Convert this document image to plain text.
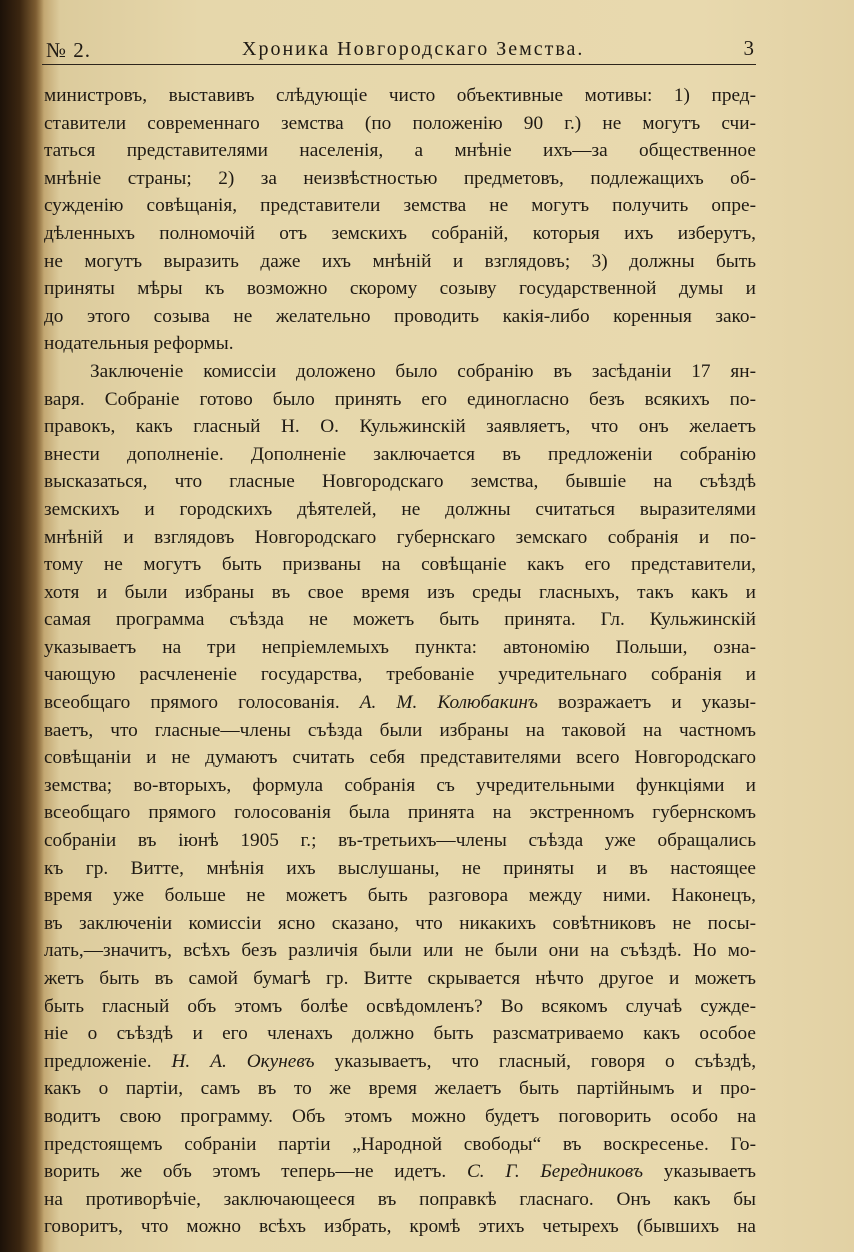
№ 2.	Хроника Новгородскаго Земства.	3
министровъ, выставивъ слѣдующіе чисто объективные мотивы: 1) пред-
ставители современнаго земства (по положенію 90 г.) не могутъ счи-
таться представителями населенія, а мнѣніе ихъ—за общественное
мнѣніе страны; 2) за неизвѣстностью предметовъ, подлежащихъ об-
сужденію совѣщанія, представители земства не могутъ получить опре-
дѣленныхъ полномочій отъ земскихъ собраній, которыя ихъ изберутъ,
не могутъ выразить даже ихъ мнѣній и взглядовъ; 3) должны быть
приняты мѣры къ возможно скорому созыву государственной думы и
до этого созыва не желательно проводить какія-либо коренныя зако-
нодательныя реформы.
Заключеніе комиссіи доложено было собранію въ засѣданіи 17 ян-
варя. Собраніе готово было принять его единогласно безъ всякихъ по-
правокъ, какъ гласный Н. О. Кульжинскій заявляетъ, что онъ желаетъ
внести дополненіе. Дополненіе заключается въ предложеніи собранію
высказаться, что гласные Новгородскаго земства, бывшіе на съѣздѣ
земскихъ и городскихъ дѣятелей, не должны считаться выразителями
мнѣній и взглядовъ Новгородскаго губернскаго земскаго собранія и по-
тому не могутъ быть призваны на совѣщаніе какъ его представители,
хотя и были избраны въ свое время изъ среды гласныхъ, такъ какъ и
самая программа съѣзда не можетъ быть принята. Гл. Кульжинскій
указываетъ на три непріемлемыхъ пункта: автономію Польши, озна-
чающую расчлененіе государства, требованіе учредительнаго собранія и
всеобщаго прямого голосованія. А. М. Колюбакинъ возражаетъ и указы-
ваетъ, что гласные—члены съѣзда были избраны на таковой на частномъ
совѣщаніи и не думаютъ считать себя представителями всего Новгородскаго
земства; во-вторыхъ, формула собранія съ учредительными функціями и
всеобщаго прямого голосованія была принята на экстренномъ губернскомъ
собраніи въ іюнѣ 1905 г.; въ-третьихъ—члены съѣзда уже обращались
къ гр. Витте, мнѣнія ихъ выслушаны, не приняты и въ настоящее
время уже больше не можетъ быть разговора между ними. Наконецъ,
въ заключеніи комиссіи ясно сказано, что никакихъ совѣтниковъ не посы-
лать,—значитъ, всѣхъ безъ различія были или не были они на съѣздѣ. Но мо-
жетъ быть въ самой бумагѣ гр. Витте скрывается нѣчто другое и можетъ
быть гласный объ этомъ болѣе освѣдомленъ? Во всякомъ случаѣ сужде-
ніе о съѣздѣ и его членахъ должно быть разсматриваемо какъ особое
предложеніе. Н. А. Окуневъ указываетъ, что гласный, говоря о съѣздѣ,
какъ о партіи, самъ въ то же время желаетъ быть партійнымъ и про-
водитъ свою программу. Объ этомъ можно будетъ поговорить особо на
предстоящемъ собраніи партіи „Народной свободы“ въ воскресенье. Го-
ворить же объ этомъ теперь—не идетъ. С. Г. Бередниковъ указываетъ
на противорѣчіе, заключающееся въ поправкѣ гласнаго. Онъ какъ бы
говоритъ, что можно всѣхъ избрать, кромѣ этихъ четырехъ (бывшихъ на
